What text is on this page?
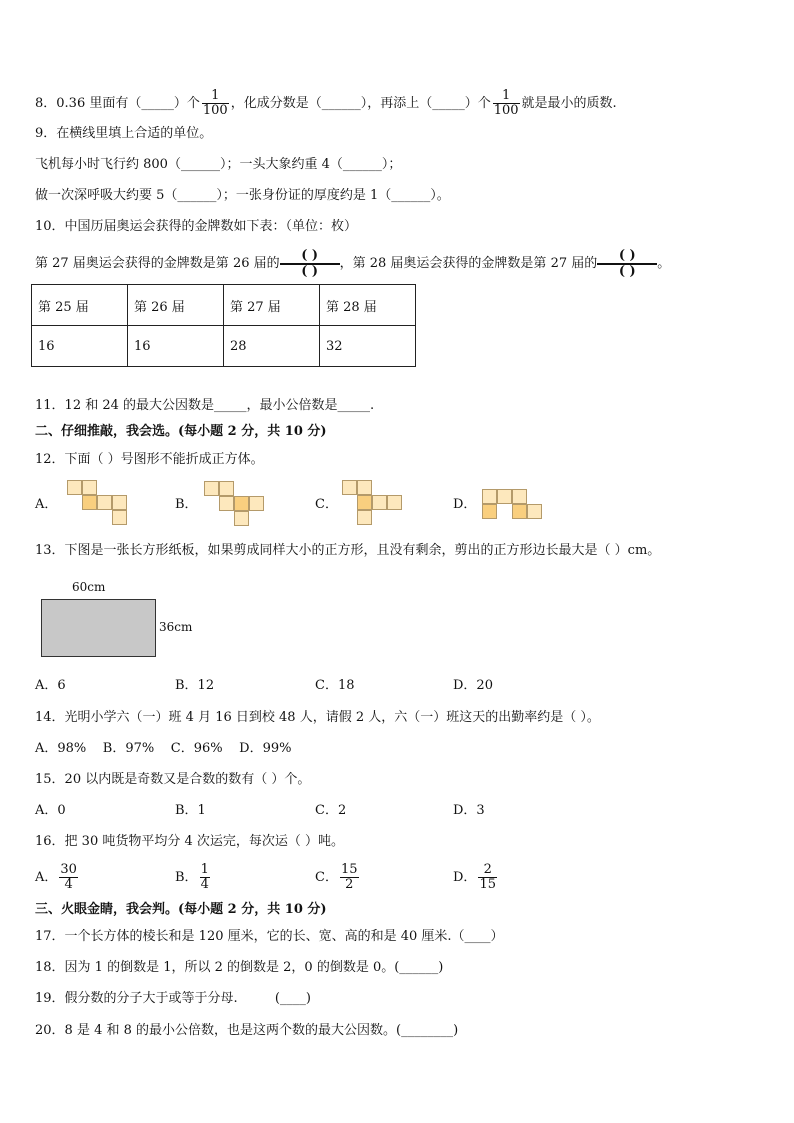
8．0.36 里面有（_____）个 $\frac{1}{100}$ ，化成分数是（______），再添上（_____）个 $\frac{1}{100}$ 就是最小的质数.
9．在横线里填上合适的单位。
飞机每小时飞行约 800（______）；一头大象约重 4（______）；
做一次深呼吸大约要 5（______）；一张身份证的厚度约是 1（______）。
10．中国历届奥运会获得的金牌数如下表：（单位：枚）
第 27 届奥运会获得的金牌数是第 26 届的
( )
( ) ，第 28 届奥运会获得的金牌数是第 27 届的
( )
( ) 。
第 25 届	第 26 届	第 27 届	第 28 届
16	16	28	32
11．12 和 24 的最大公因数是_____，最小公倍数是_____.
二、仔细推敲，我会选。(每小题 2 分，共 10 分)
12．下面（ ）号图形不能折成正方体。
A．	B．	C．	D．
13．下图是一张长方形纸板，如果剪成同样大小的正方形，且没有剩余，剪出的正方形边长最大是（ ）cm。
60cm
36cm
A．6	B．12	C．18	D．20
14．光明小学六（一）班 4 月 16 日到校 48 人，请假 2 人，六（一）班这天的出勤率约是（ ）。
A．98%    B．97%    C．96%    D．99%
15．20 以内既是奇数又是合数的数有（ ）个。
A．0	B．1	C．2	D．3
16．把 30 吨货物平均分 4 次运完，每次运（ ）吨。
A． $\frac{30}{4}$	B． $\frac{1}{4}$	C． $\frac{15}{2}$	D． $\frac{2}{15}$
三、火眼金睛，我会判。(每小题 2 分，共 10 分)
17．一个长方体的棱长和是 120 厘米，它的长、宽、高的和是 40 厘米.（____）
18．因为 1 的倒数是 1，所以 2 的倒数是 2，0 的倒数是 0。(______)
19．假分数的分子大于或等于分母.         (____)
20．8 是 4 和 8 的最小公倍数，也是这两个数的最大公因数。(________)
